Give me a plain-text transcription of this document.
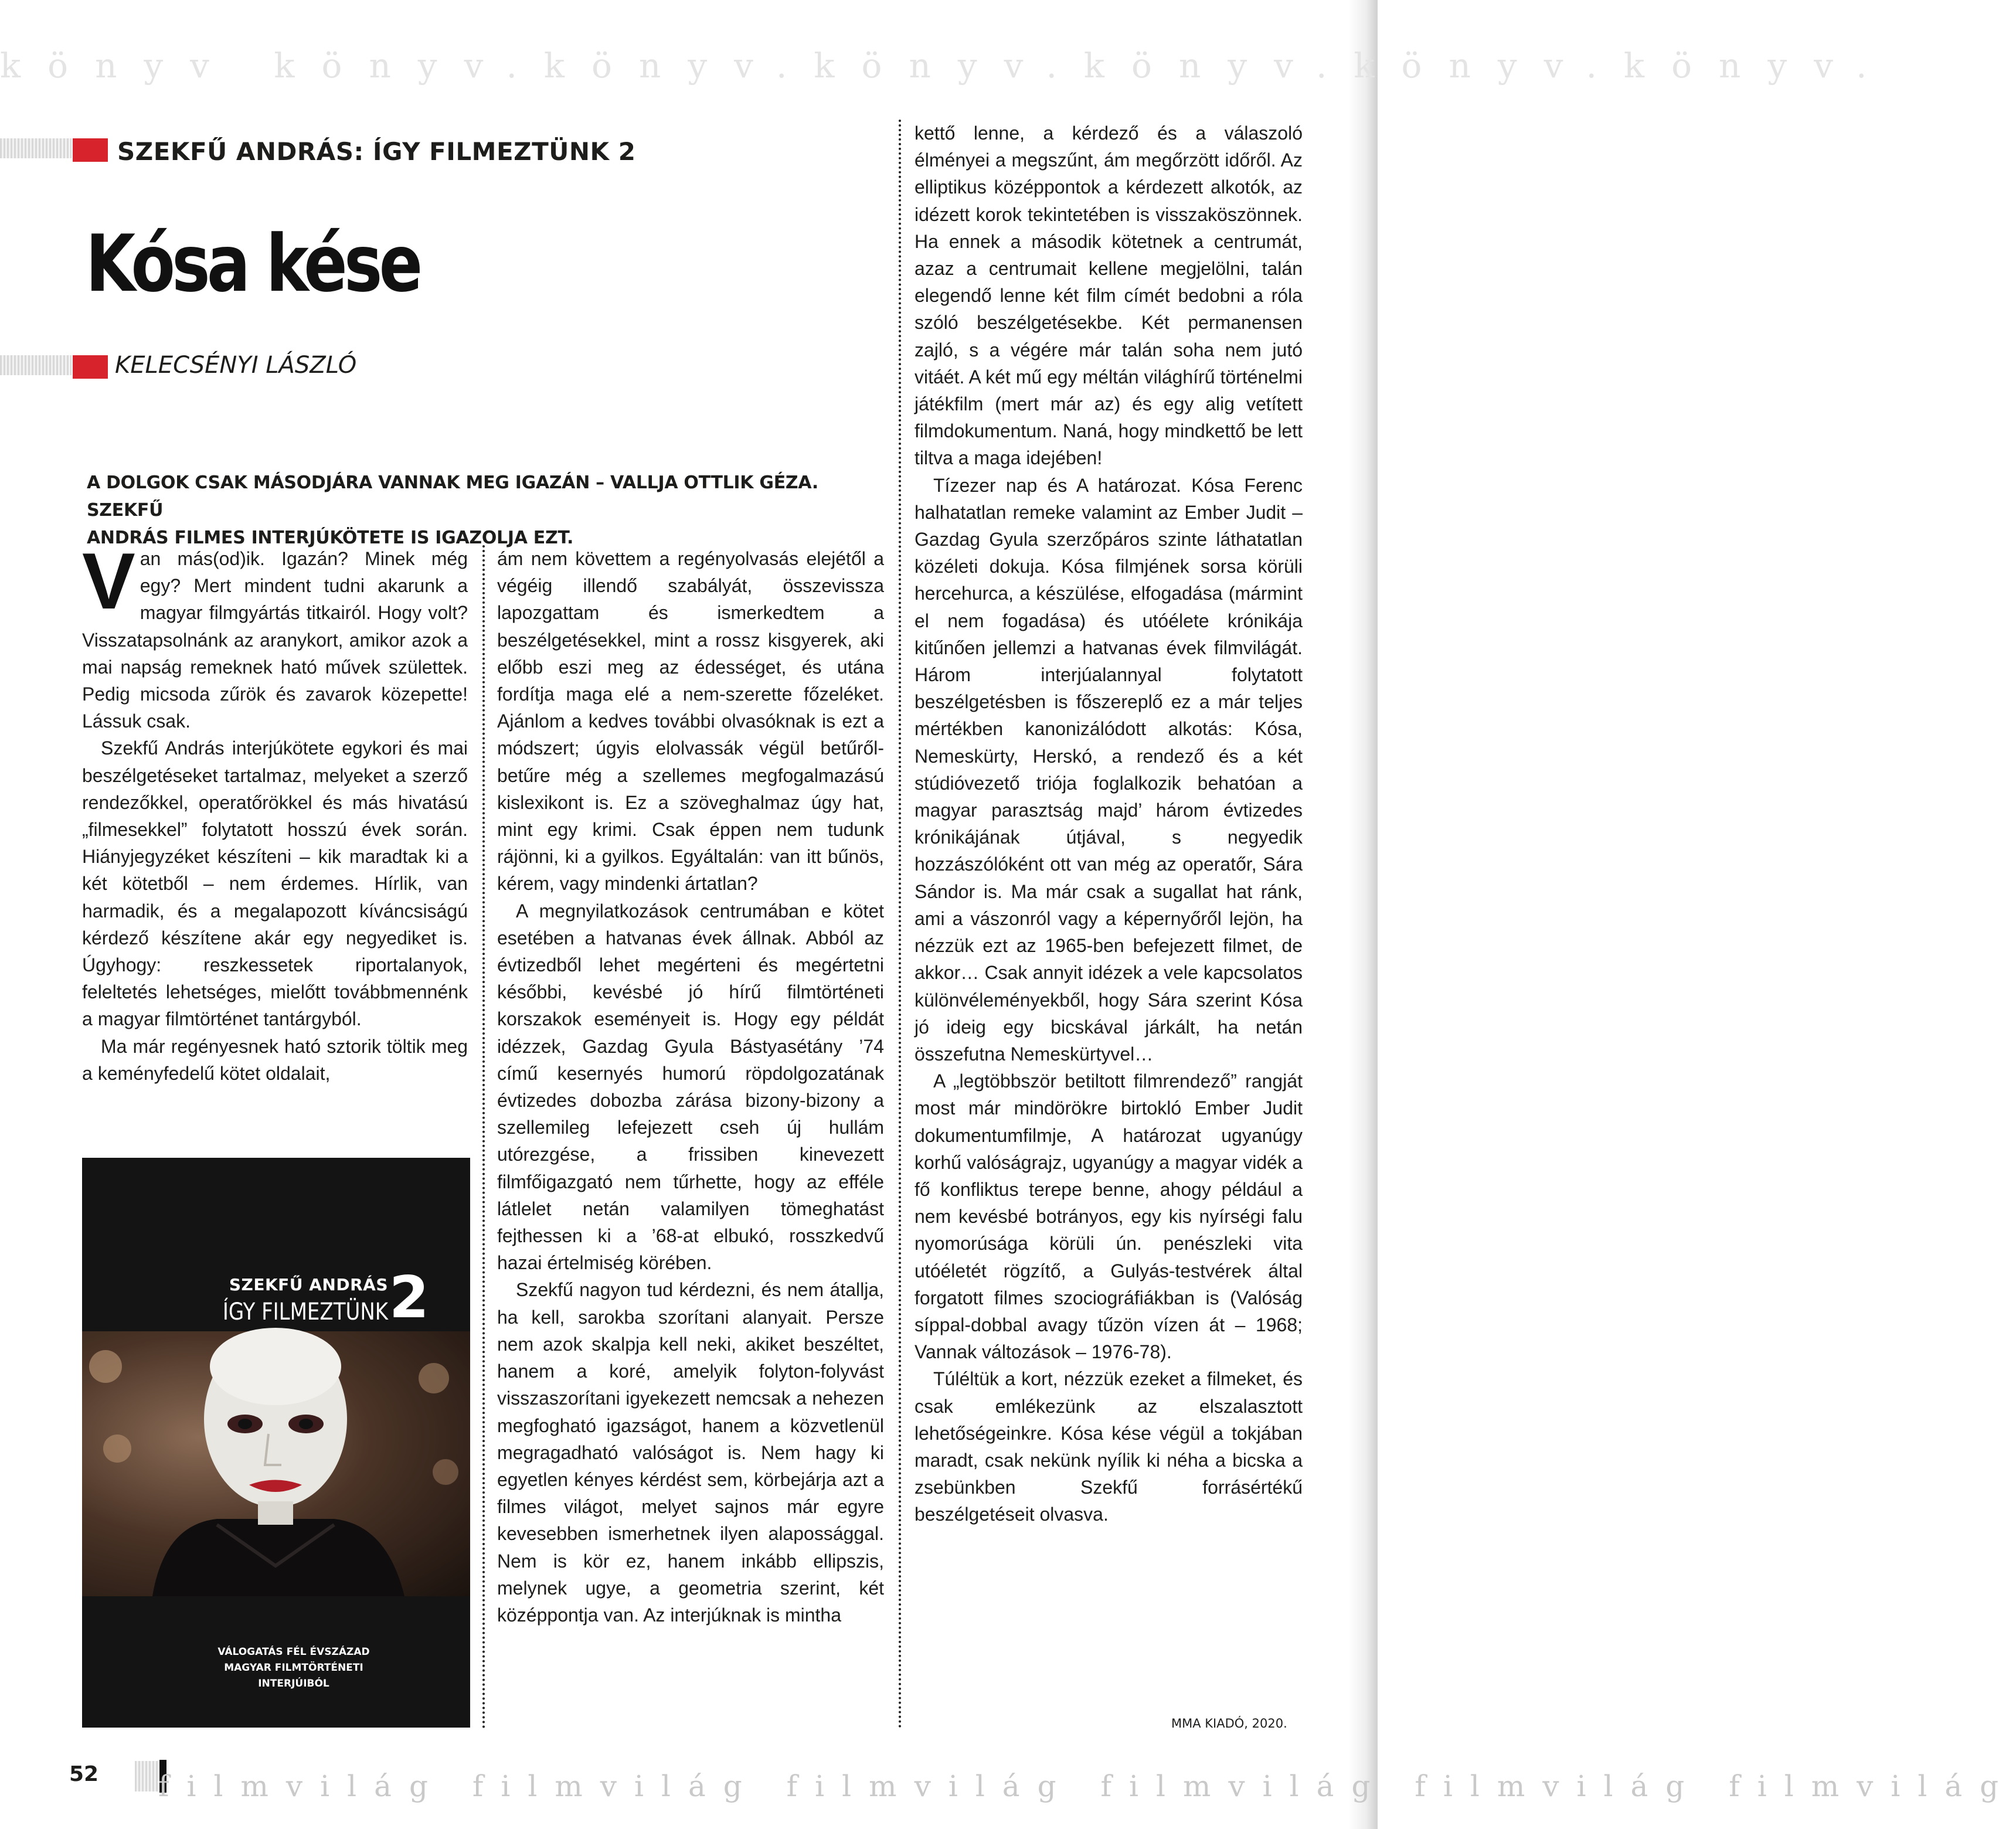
könyv könyv.könyv.könyv.könyv.könyv.könyv.
SZEKFŰ ANDRÁS: ÍGY FILMEZTÜNK 2
Kósa kése
KELECSÉNYI LÁSZLÓ
A DOLGOK CSAK MÁSODJÁRA VANNAK MEG IGAZÁN – VALLJA OTTLIK GÉZA. SZEKFŰ
ANDRÁS FILMES INTERJÚKÖTETE IS IGAZOLJA EZT.

Van más(od)ik. Igazán? Minek még egy? Mert mindent tudni akarunk a magyar filmgyártás titkairól. Hogy volt? Visszatapsolnánk az aranykort, amikor azok a mai napság remeknek ható művek születtek. Pedig micsoda zűrök és zavarok közepette! Lássuk csak.

Szekfű András interjúkötete egykori és mai beszélgetéseket tartalmaz, melyeket a szerző rendezőkkel, operatőrökkel és más hivatású „filmesekkel” folytatott hosszú évek során. Hiányjegyzéket készíteni – kik maradtak ki a két kötetből – nem érdemes. Hírlik, van harmadik, és a megalapozott kíváncsiságú kérdező készítene akár egy negyediket is. Úgyhogy: reszkessetek riportalanyok, feleltetés lehetséges, mielőtt továbbmennénk a magyar filmtörténet tantárgyból.

Ma már regényesnek ható sztorik töltik meg a keményfedelű kötet oldalait,

SZEKFŰ ANDRÁS
ÍGY FILMEZTÜNK 2
VÁLOGATÁS FÉL ÉVSZÁZAD
MAGYAR FILMTÖRTÉNETI
INTERJÚIBÓL

ám nem követtem a regényolvasás elejétől a végéig illendő szabályát, összevissza lapozgattam és ismerkedtem a beszélgetésekkel, mint a rossz kisgyerek, aki előbb eszi meg az édességet, és utána fordítja maga elé a nem-szerette főzeléket. Ajánlom a kedves további olvasóknak is ezt a módszert; úgyis elolvassák végül betűről-betűre még a szellemes megfogalmazású kislexikont is. Ez a szöveghalmaz úgy hat, mint egy krimi. Csak éppen nem tudunk rájönni, ki a gyilkos. Egyáltalán: van itt bűnös, kérem, vagy mindenki ártatlan?

A megnyilatkozások centrumában e kötet esetében a hatvanas évek állnak. Abból az évtizedből lehet megérteni és megértetni későbbi, kevésbé jó hírű filmtörténeti korszakok eseményeit is. Hogy egy példát idézzek, Gazdag Gyula Bástyasétány ’74 című kesernyés humorú röpdolgozatának évtizedes dobozba zárása bizony-bizony a szellemileg lefejezett cseh új hullám utórezgése, a frissiben kinevezett filmfőigazgató nem tűrhette, hogy az efféle látlelet netán valamilyen tömeghatást fejthessen ki a ’68-at elbukó, rosszkedvű hazai értelmiség körében.

Szekfű nagyon tud kérdezni, és nem átallja, ha kell, sarokba szorítani alanyait. Persze nem azok skalpja kell neki, akiket beszéltet, hanem a koré, amelyik folyton-folyvást visszaszorítani igyekezett nemcsak a nehezen megfogható igazságot, hanem a közvetlenül megragadható valóságot is. Nem hagy ki egyetlen kényes kérdést sem, körbejárja azt a filmes világot, melyet sajnos már egyre kevesebben ismerhetnek ilyen alapossággal. Nem is kör ez, hanem inkább ellipszis, melynek ugye, a geometria szerint, két középpontja van. Az interjúknak is mintha

kettő lenne, a kérdező és a válaszoló élményei a megszűnt, ám megőrzött időről. Az elliptikus középpontok a kérdezett alkotók, az idézett korok tekintetében is visszaköszönnek. Ha ennek a második kötetnek a centrumát, azaz a centrumait kellene megjelölni, talán elegendő lenne két film címét bedobni a róla szóló beszélgetésekbe. Két permanensen zajló, s a végére már talán soha nem jutó vitáét. A két mű egy méltán világhírű történelmi játékfilm (mert már az) és egy alig vetített filmdokumentum. Naná, hogy mindkettő be lett tiltva a maga idejében!

Tízezer nap és A határozat. Kósa Ferenc halhatatlan remeke valamint az Ember Judit – Gazdag Gyula szerzőpáros szinte láthatatlan közéleti dokuja. Kósa filmjének sorsa körüli hercehurca, a készülése, elfogadása (mármint el nem fogadása) és utóélete krónikája kitűnően jellemzi a hatvanas évek filmvilágát. Három interjúalannyal folytatott beszélgetésben is főszereplő ez a már teljes mértékben kanonizálódott alkotás: Kósa, Nemeskürty, Herskó, a rendező és a két stúdióvezető triója foglalkozik behatóan a magyar parasztság majd’ három évtizedes krónikájának útjával, s negyedik hozzászólóként ott van még az operatőr, Sára Sándor is. Ma már csak a sugallat hat ránk, ami a vászonról vagy a képernyőről lejön, ha nézzük ezt az 1965-ben befejezett filmet, de akkor… Csak annyit idézek a vele kapcsolatos különvéleményekből, hogy Sára szerint Kósa jó ideig egy bicskával járkált, ha netán összefutna Nemeskürtyvel…

A „legtöbbször betiltott filmrendező” rangját most már mindörökre birtokló Ember Judit dokumentumfilmje, A határozat ugyanúgy korhű valóságrajz, ugyanúgy a magyar vidék a fő konfliktus terepe benne, ahogy például a nem kevésbé botrányos, egy kis nyírségi falu nyomorúsága körüli ún. penészleki vita utóéletét rögzítő, a Gulyás-testvérek által forgatott filmes szociográfiákban is (Valóság síppal-dobbal avagy tűzön vízen át – 1968; Vannak változások – 1976-78).

Túléltük a kort, nézzük ezeket a filmeket, és csak emlékezünk az elszalasztott lehetőségeinkre. Kósa kése végül a tokjában maradt, csak nekünk nyílik ki néha a bicska a zsebünkben Szekfű forrásértékű beszélgetéseit olvasva.

MMA KIADÓ, 2020.
52 filmvilág filmvilág filmvilág filmvilág filmvilág filmvilág
